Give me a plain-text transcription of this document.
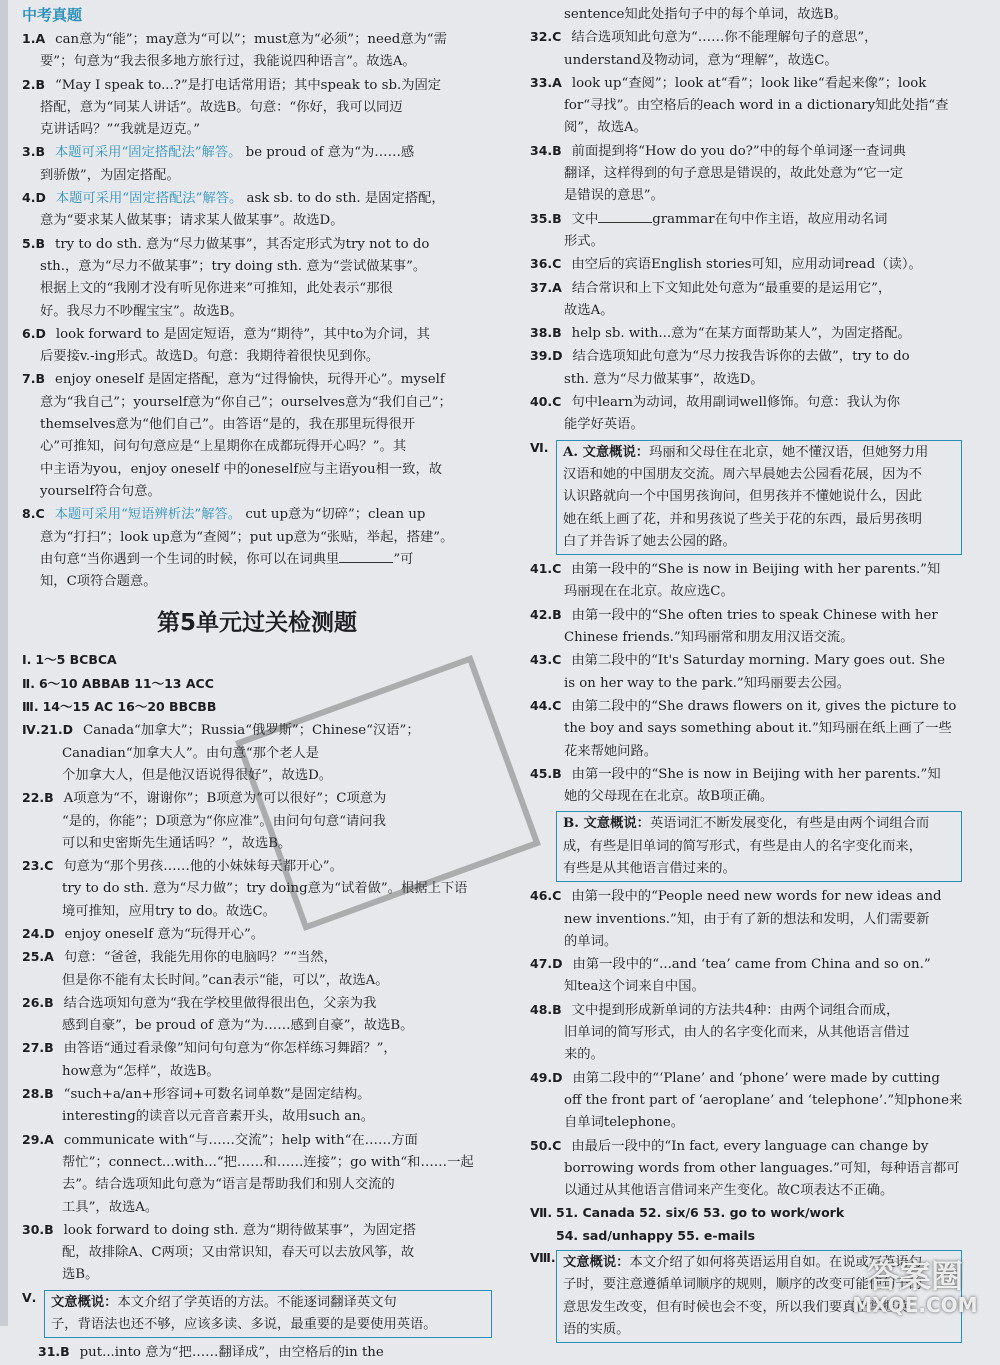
中考真题
1.A can意为“能”；may意为“可以”；must意为“必须”；need意为“需
要”；句意为“我去很多地方旅行过，我能说四种语言”。故选A。
2.B “May I speak to...?”是打电话常用语；其中speak to sb.为固定
搭配，意为“同某人讲话”。故选B。句意：“你好，我可以同迈
克讲话吗？”“我就是迈克。”
3.B 本题可采用“固定搭配法”解答。 be proud of 意为“为……感
到骄傲”，为固定搭配。
4.D 本题可采用“固定搭配法”解答。 ask sb. to do sth. 是固定搭配，
意为“要求某人做某事；请求某人做某事”。故选D。
5.B try to do sth. 意为“尽力做某事”，其否定形式为try not to do
sth.，意为“尽力不做某事”；try doing sth. 意为“尝试做某事”。
根据上文的“我刚才没有听见你进来”可推知，此处表示“那很
好。我尽力不吵醒宝宝”。故选B。
6.D look forward to 是固定短语，意为“期待”，其中to为介词，其
后要接v.-ing形式。故选D。句意：我期待着很快见到你。
7.B enjoy oneself 是固定搭配，意为“过得愉快，玩得开心”。myself
意为“我自己”；yourself意为“你自己”；ourselves意为“我们自己”；
themselves意为“他们自己”。由答语“是的，我在那里玩得很开
心”可推知，问句句意应是“上星期你在成都玩得开心吗？”。其
中主语为you，enjoy oneself 中的oneself应与主语you相一致，故
yourself符合句意。
8.C 本题可采用“短语辨析法”解答。 cut up意为“切碎”；clean up
意为“打扫”；look up意为“查阅”；put up意为“张贴，举起，搭建”。
由句意“当你遇到一个生词的时候，你可以在词典里	”可
知，C项符合题意。
第5单元过关检测题
Ⅰ. 1～5 BCBCA
Ⅱ. 6～10 ABBAB 11～13 ACC
Ⅲ. 14～15 AC 16～20 BBCBB
Ⅳ.21.D Canada“加拿大”；Russia“俄罗斯”；Chinese“汉语”；
Canadian“加拿大人”。由句意“那个老人是
个加拿大人，但是他汉语说得很好”，故选D。
22.B A项意为“不，谢谢你”；B项意为“可以很好”；C项意为
“是的，你能”；D项意为“你应准”。由问句句意“请问我
可以和史密斯先生通话吗？”，故选B。
23.C 句意为“那个男孩……他的小妹妹每天都开心”。
try to do sth. 意为“尽力做”；try doing意为“试着做”。根据上下语
境可推知，应用try to do。故选C。
24.D enjoy oneself 意为“玩得开心”。
25.A 句意：“爸爸，我能先用你的电脑吗？”“当然，
但是你不能有太长时间。”can表示“能，可以”，故选A。
26.B 结合选项知句意为“我在学校里做得很出色，父亲为我
感到自豪”，be proud of 意为“为……感到自豪”，故选B。
27.B 由答语“通过看录像”知问句句意为“你怎样练习舞蹈？”，
how意为“怎样”，故选B。
28.B “such+a/an+形容词+可数名词单数”是固定结构。
interesting的读音以元音音素开头，故用such an。
29.A communicate with“与……交流”；help with“在……方面
帮忙”；connect...with...“把……和……连接”；go with“和……一起
去”。结合选项知此句意为“语言是帮助我们和别人交流的
工具”，故选A。
30.B look forward to doing sth. 意为“期待做某事”，为固定搭
配，故排除A、C两项；又由常识知，春天可以去放风筝，故
选B。
Ⅴ.	文意概说：本文介绍了学英语的方法。不能逐词翻译英文句
子，背语法也还不够，应该多读、多说，最重要的是要使用英语。
31.B put...into 意为“把……翻译成”，由空格后的in the
sentence知此处指句子中的每个单词，故选B。
32.C 结合选项知此句意为“……你不能理解句子的意思”，
understand及物动词，意为“理解”，故选C。
33.A look up“查阅”；look at“看”；look like“看起来像”；look
for“寻找”。由空格后的each word in a dictionary知此处指“查
阅”，故选A。
34.B 前面提到将“How do you do?”中的每个单词逐一查词典
翻译，这样得到的句子意思是错误的，故此处意为“它一定
是错误的意思”。
35.B 文中	grammar在句中作主语，故应用动名词
形式。
36.C 由空后的宾语English stories可知，应用动词read（读）。
37.A 结合常识和上下文知此处句意为“最重要的是运用它”，
故选A。
38.B help sb. with...意为“在某方面帮助某人”，为固定搭配。
39.D 结合选项知此句意为“尽力按我告诉你的去做”，try to do
sth. 意为“尽力做某事”，故选D。
40.C 句中learn为动词，故用副词well修饰。句意：我认为你
能学好英语。
Ⅵ.	A. 文意概说：玛丽和父母住在北京，她不懂汉语，但她努力用
汉语和她的中国朋友交流。周六早晨她去公园看花展，因为不
认识路就向一个中国男孩询问，但男孩并不懂她说什么，因此
她在纸上画了花，并和男孩说了些关于花的东西，最后男孩明
白了并告诉了她去公园的路。
41.C 由第一段中的“She is now in Beijing with her parents.”知
玛丽现在在北京。故应选C。
42.B 由第一段中的“She often tries to speak Chinese with her
Chinese friends.”知玛丽常和朋友用汉语交流。
43.C 由第二段中的“It's Saturday morning. Mary goes out. She
is on her way to the park.”知玛丽要去公园。
44.C 由第二段中的“She draws flowers on it, gives the picture to
the boy and says something about it.”知玛丽在纸上画了一些
花来帮她问路。
45.B 由第一段中的“She is now in Beijing with her parents.”知
她的父母现在在北京。故B项正确。
B. 文意概说：英语词汇不断发展变化，有些是由两个词组合而
成，有些是旧单词的简写形式，有些是由人的名字变化而来，
有些是从其他语言借过来的。
46.C 由第一段中的“People need new words for new ideas and
new inventions.”知，由于有了新的想法和发明，人们需要新
的单词。
47.D 由第一段中的“...and ‘tea’ came from China and so on.”
知tea这个词来自中国。
48.B 文中提到形成新单词的方法共4种：由两个词组合而成，
旧单词的简写形式，由人的名字变化而来，从其他语言借过
来的。
49.D 由第二段中的“‘Plane’ and ‘phone’ were made by cutting
off the front part of ‘aeroplane’ and ‘telephone’.”知phone来
自单词telephone。
50.C 由最后一段中的“In fact, every language can change by
borrowing words from other languages.”可知，每种语言都可
以通过从其他语言借词来产生变化。故C项表达不正确。
Ⅶ. 51. Canada 52. six/6 53. go to work/work
54. sad/unhappy 55. e-mails
Ⅷ. 文意概说：本文介绍了如何将英语运用自如。在说或写英语句
子时，要注意遵循单词顺序的规则，顺序的改变可能使句子的
意思发生改变，但有时候也会不变，所以我们要真正掌握英
语的实质。
答案圈
MXQE.COM
